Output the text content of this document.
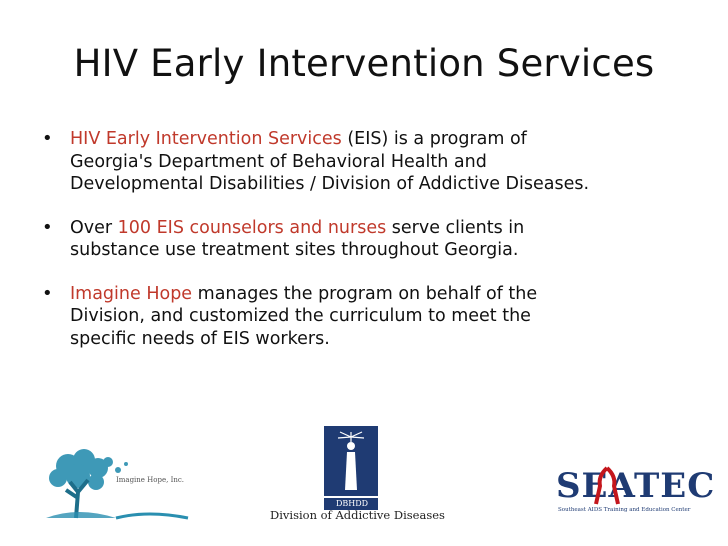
HIV Early Intervention Services
• HIV Early Intervention Services (EIS) is a program of
Georgia's Department of Behavioral Health and
Developmental Disabilities / Division of Addictive Diseases.
• Over 100 EIS counselors and nurses serve clients in
substance use treatment sites throughout Georgia.
• Imagine Hope manages the program on behalf of the
Division, and customized the curriculum to meet the
specific needs of EIS workers.
Imagine Hope, Inc.
DBHDD	SEATEC
Southeast AIDS Training and Education Center
Division of Addictive Diseases
